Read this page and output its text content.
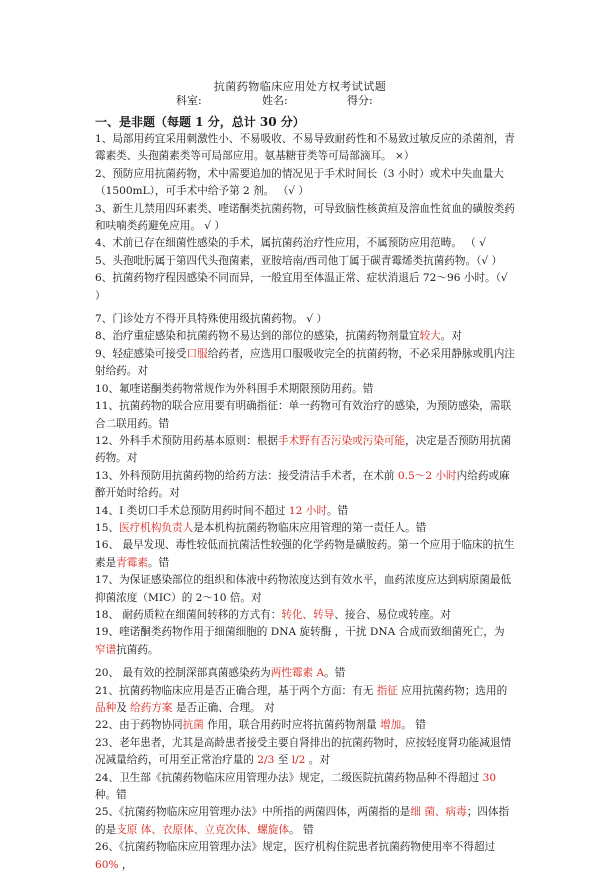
抗菌药物临床应用处方权考试试题
科室:	姓名:	得分:
一、是非题（每题 1 分，总计 30 分）

1、局部用药宜采用刺激性小、不易吸收、不易导致耐药性和不易致过敏反应的杀菌剂，青霉素类、头孢菌素类等可局部应用。氨基糖苷类等可局部滴耳。 ×）

2、预防应用抗菌药物，术中需要追加的情况见于手术时间长（3 小时）或术中失血量大（1500mL），可手术中给予第 2 剂。 （√ ）

3、新生儿禁用四环素类、喹诺酮类抗菌药物，可导致脑性核黄疸及溶血性贫血的磺胺类药和呋喃类药避免应用。 √ ）

4、术前已存在细菌性感染的手术，属抗菌药治疗性应用，不属预防应用范畴。 （ √

5、头孢吡肟属于第四代头孢菌素，亚胺培南/西司他丁属于碳青霉烯类抗菌药物。（√ ）

6、抗菌药物疗程因感染不同而异，一般宜用至体温正常、症状消退后 72～96 小时。（√ ）

7、门诊处方不得开具特殊使用级抗菌药物。 √ ）

8、治疗重症感染和抗菌药物不易达到的部位的感染，抗菌药物剂量宜较大。对

9、轻症感染可接受口服给药者，应选用口服吸收完全的抗菌药物，不必采用静脉或肌内注射给药。对

10、氟喹诺酮类药物常规作为外科围手术期限预防用药。错

11、抗菌药物的联合应用要有明确指征：单一药物可有效治疗的感染，为预防感染，需联合二联用药。错

12、外科手术预防用药基本原则：根据手术野有否污染或污染可能，决定是否预防用抗菌药物。对

13、外科预防用抗菌药物的给药方法：接受清洁手术者，在术前 0.5～2 小时内给药或麻醉开始时给药。对

14、I 类切口手术总预防用药时间不超过 12 小时。错

15、医疗机构负责人是本机构抗菌药物临床应用管理的第一责任人。错

16、 最早发现、毒性较低而抗菌活性较强的化学药物是磺胺药。第一个应用于临床的抗生素是青霉素。错

17、为保证感染部位的组织和体液中药物浓度达到有效水平，血药浓度应达到病原菌最低抑菌浓度（MIC）的 2～10 倍。对

18、 耐药质粒在细菌间转移的方式有：转化、转导、接合、易位或转座。对

19、喹诺酮类药物作用于细菌细胞的 DNA 旋转酶 ，干扰 DNA 合成而致细菌死亡，为窄谱抗菌药。

20、 最有效的控制深部真菌感染药为两性霉素 A。错

21、抗菌药物临床应用是否正确合理，基于两个方面：有无 指征 应用抗菌药物；选用的 品种及 给药方案 是否正确、合理。 对

22、由于药物协同抗菌 作用，联合用药时应将抗菌药物剂量 增加。 错

23、老年患者，尤其是高龄患者接受主要自肾排出的抗菌药物时，应按轻度肾功能减退情况减量给药，可用至正常治疗量的 2/3 至 l/2 。对

24、卫生部《抗菌药物临床应用管理办法》规定，二级医院抗菌药物品种不得超过 30 种。错

25、《抗菌药物临床应用管理办法》中所指的两菌四体，两菌指的是细 菌、病毒；四体指的是支原 体、衣原体、立克次体、螺旋体。 错

26、《抗菌药物临床应用管理办法》规定，医疗机构住院患者抗菌药物使用率不得超过 60% ，
